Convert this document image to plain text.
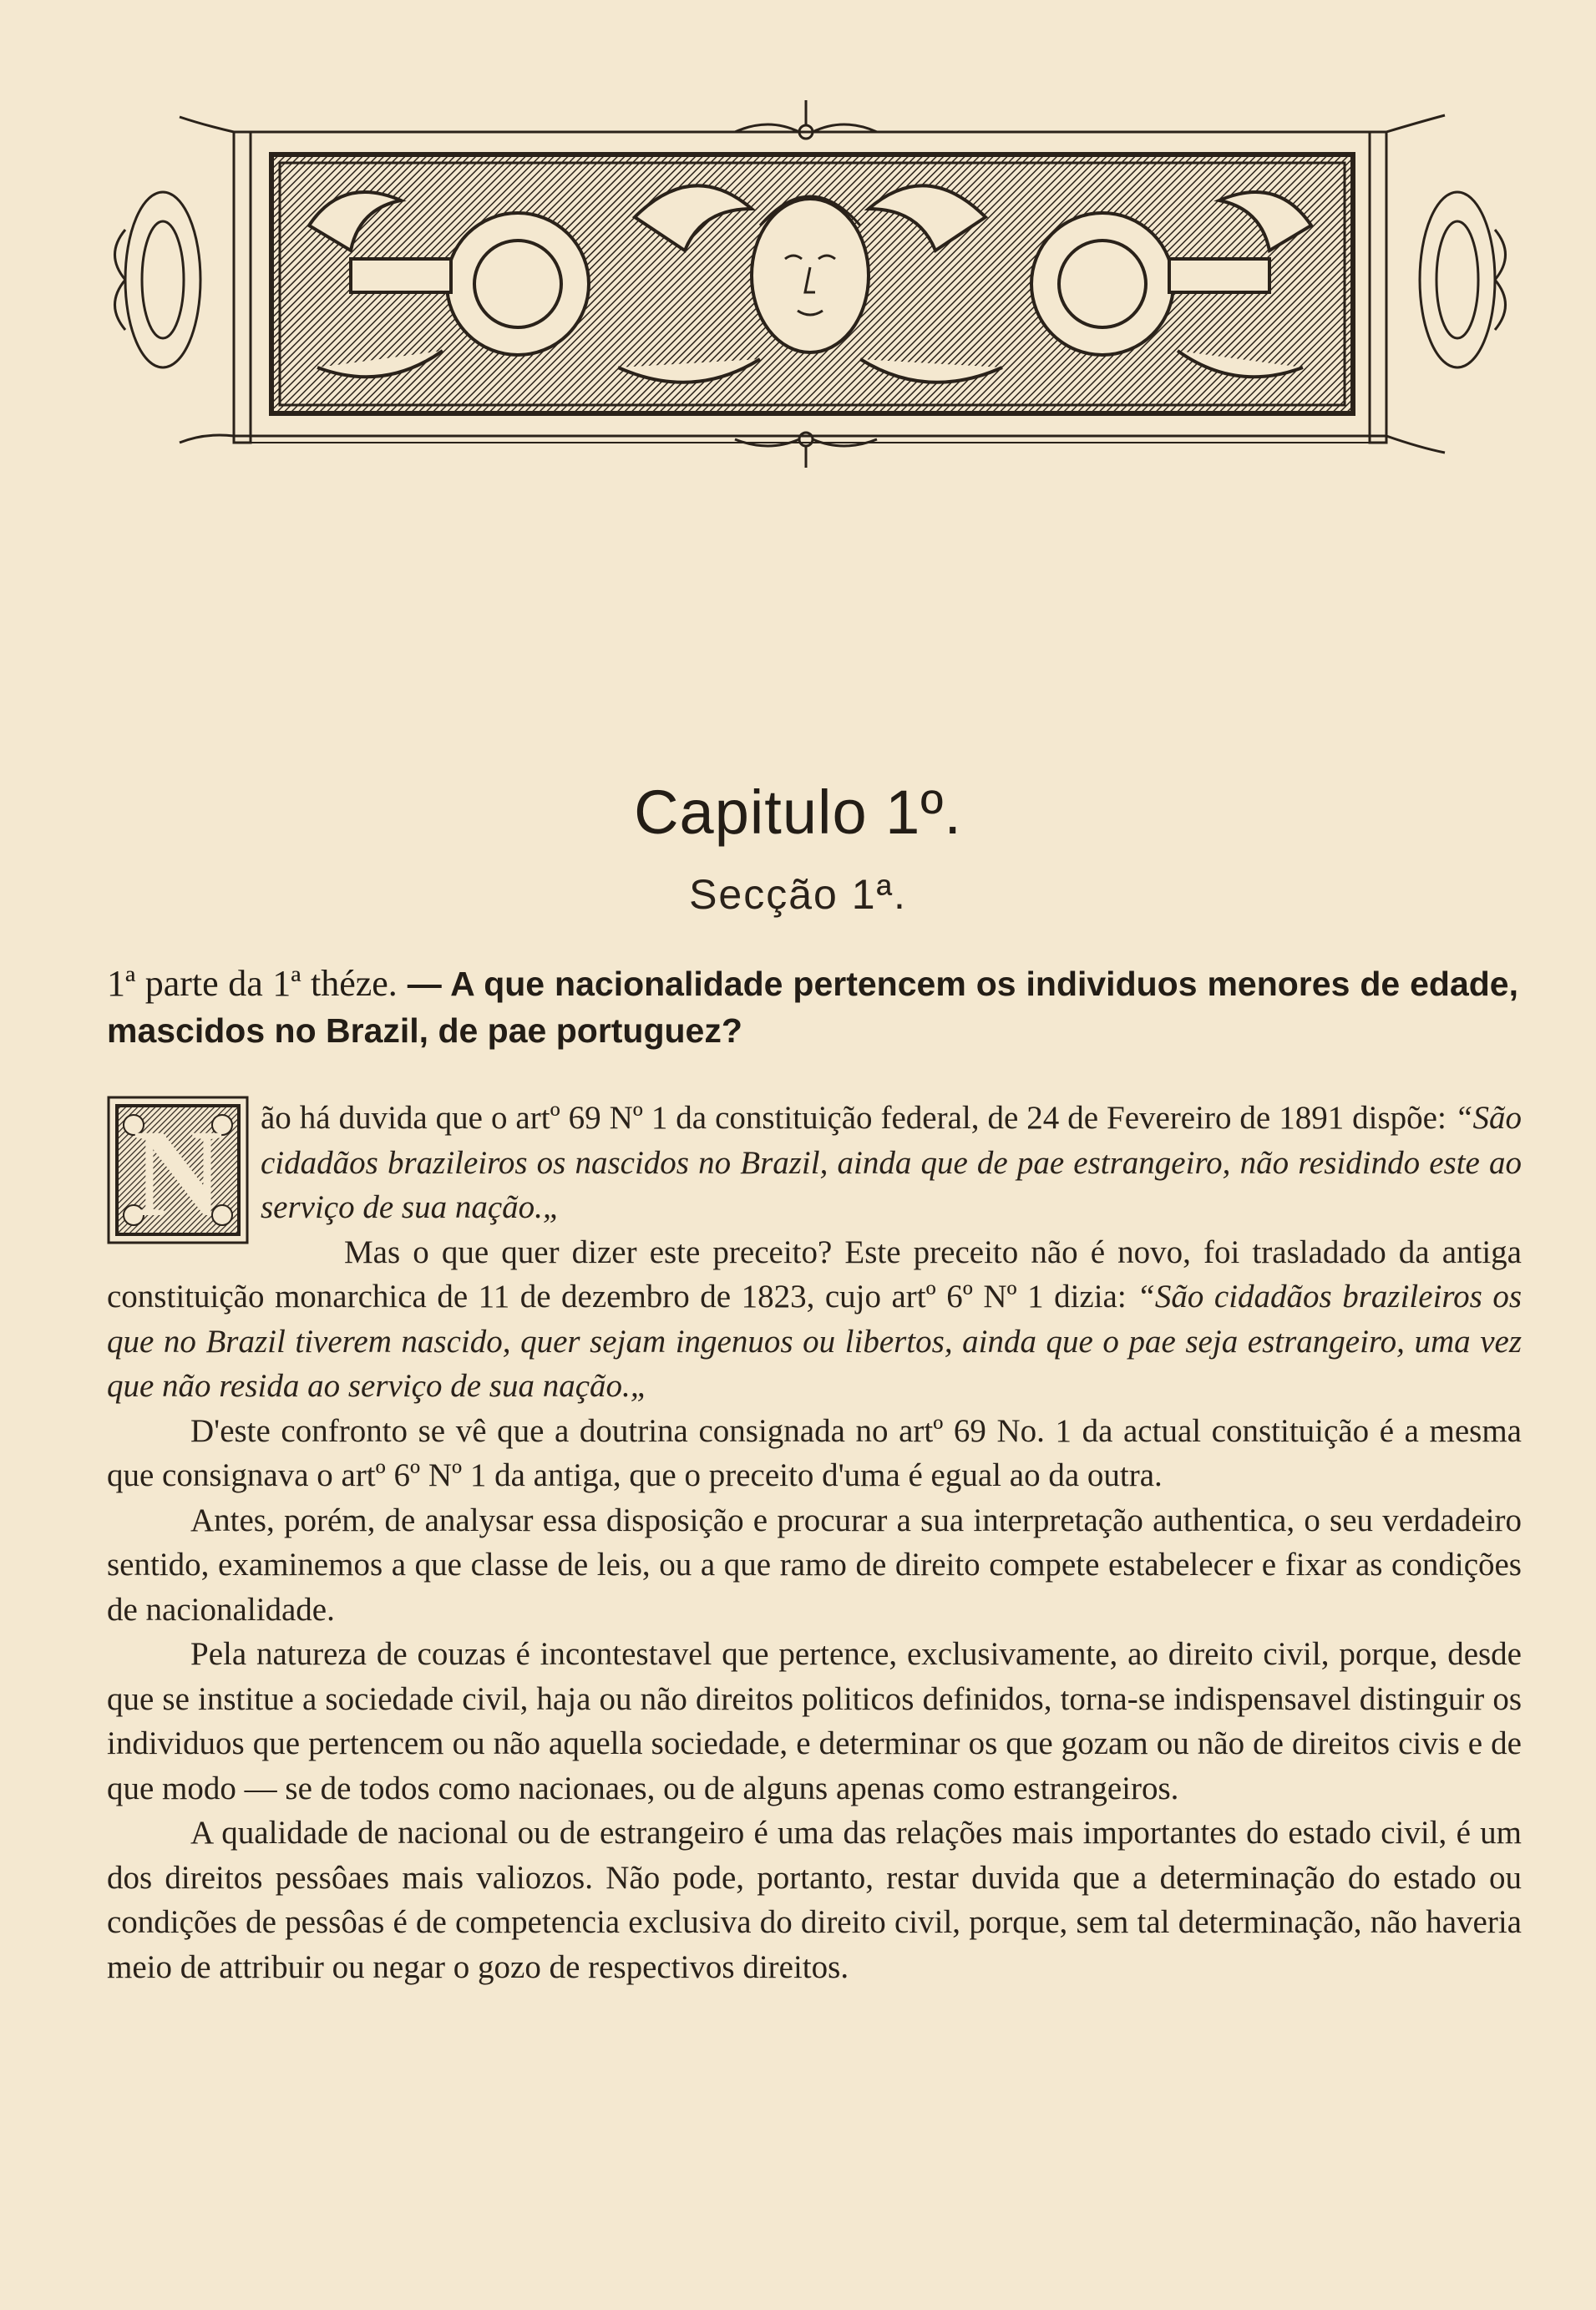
Capitulo 1º.
Secção 1ª.
1ª parte da 1ª théze. — A que nacionalidade pertencem os individuos menores de edade, mascidos no Brazil, de pae portuguez?

N	ão há duvida que o artº 69 Nº 1 da constituição federal, de 24 de Fevereiro de 1891 dispõe: “São cidadãos brazileiros os nascidos no Brazil, ainda que de pae estrangeiro, não residindo este ao serviço de sua nação.„

Mas o que quer dizer este preceito? Este preceito não é novo, foi trasladado da antiga constituição monarchica de 11 de dezembro de 1823, cujo artº 6º Nº 1 dizia: “São cidadãos brazileiros os que no Brazil tiverem nascido, quer sejam ingenuos ou libertos, ainda que o pae seja estrangeiro, uma vez que não resida ao serviço de sua nação.„

D'este confronto se vê que a doutrina consignada no artº 69 No. 1 da actual constituição é a mesma que consignava o artº 6º Nº 1 da antiga, que o preceito d'uma é egual ao da outra.

Antes, porém, de analysar essa disposição e procurar a sua interpretação authentica, o seu verdadeiro sentido, examinemos a que classe de leis, ou a que ramo de direito compete estabelecer e fixar as condições de nacionalidade.

Pela natureza de couzas é incontestavel que pertence, exclusivamente, ao direito civil, porque, desde que se institue a sociedade civil, haja ou não direitos politicos definidos, torna-se indispensavel distinguir os individuos que pertencem ou não aquella sociedade, e determinar os que gozam ou não de direitos civis e de que modo — se de todos como nacionaes, ou de alguns apenas como estrangeiros.

A qualidade de nacional ou de estrangeiro é uma das relações mais importantes do estado civil, é um dos direitos pessôaes mais valiozos. Não pode, portanto, restar duvida que a determinação do estado ou condições de pessôas é de competencia exclusiva do direito civil, porque, sem tal determinação, não haveria meio de attribuir ou negar o gozo de respectivos direitos.
